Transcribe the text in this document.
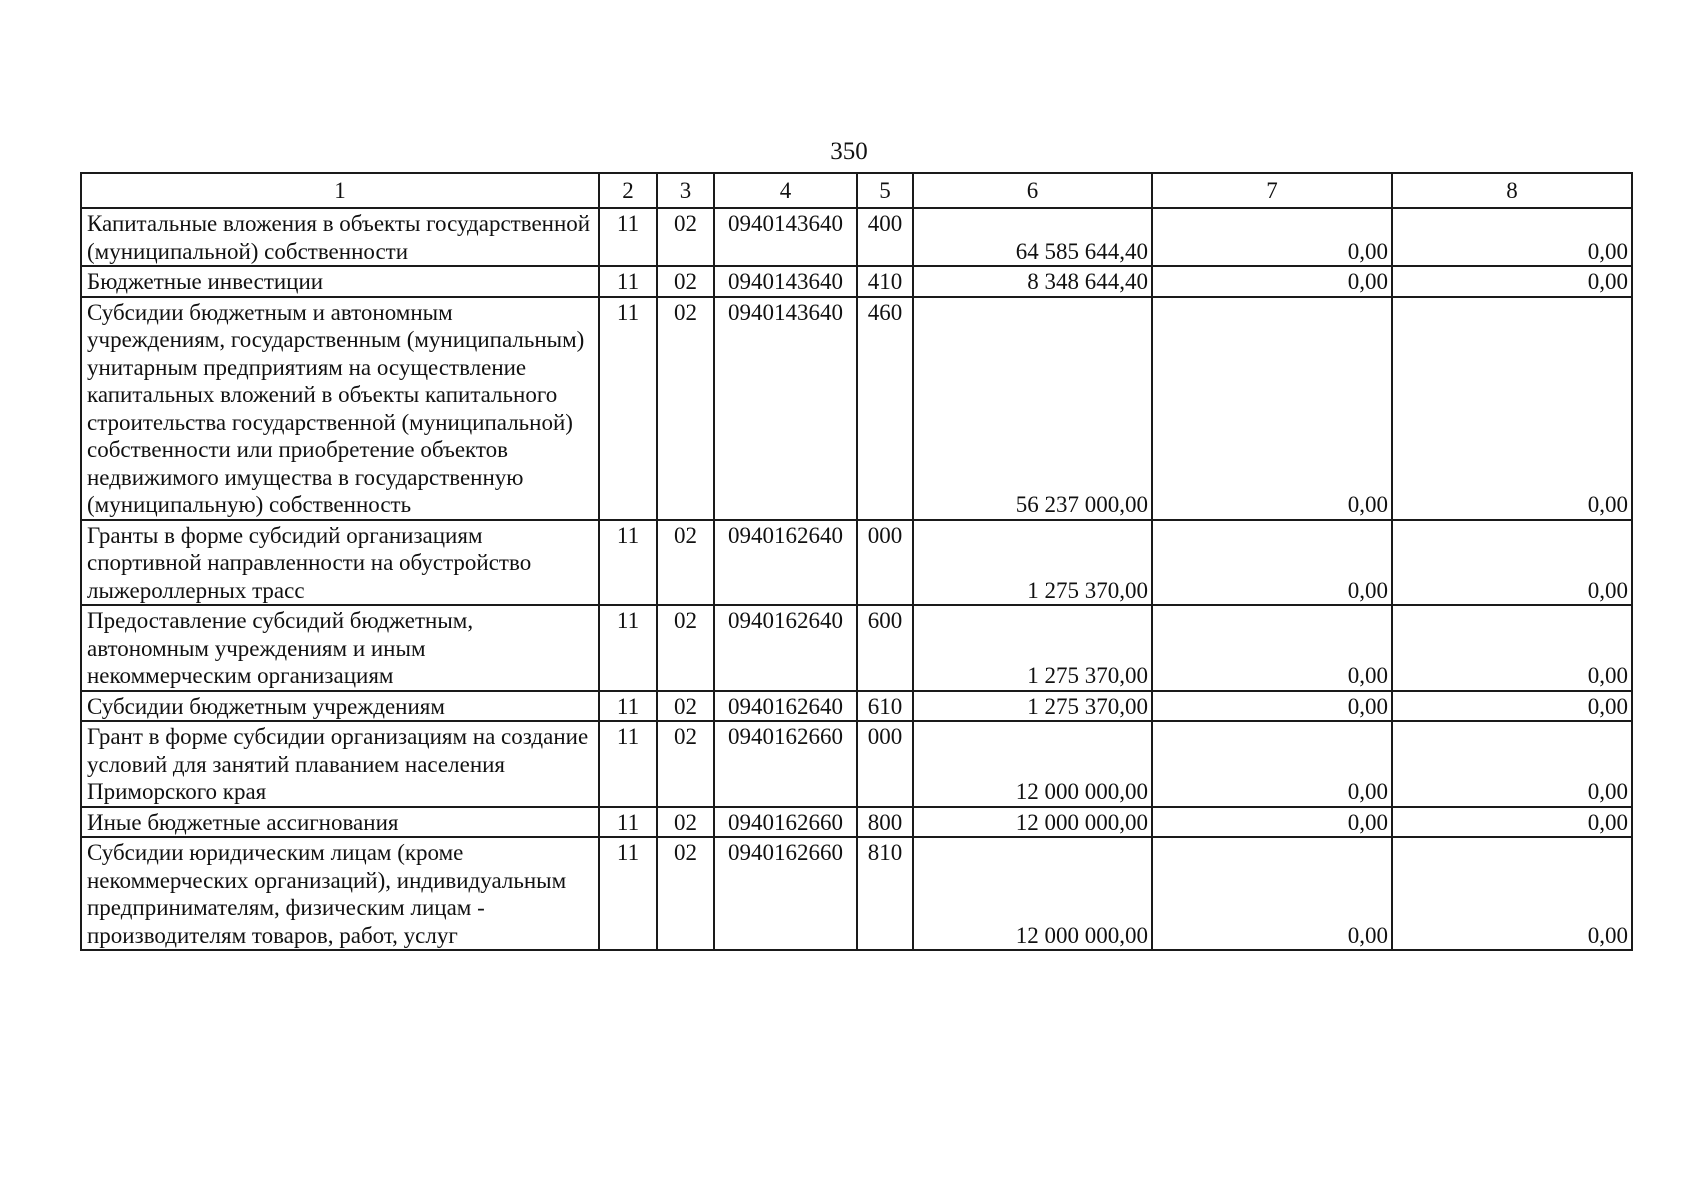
350
1	2	3	4	5	6	7	8
Капитальные вложения в объекты государственной (муниципальной) собственности	11	02	0940143640	400	64 585 644,40	0,00	0,00
Бюджетные инвестиции	11	02	0940143640	410	8 348 644,40	0,00	0,00
Субсидии бюджетным и автономным учреждениям, государственным (муниципальным) унитарным предприятиям на осуществление капитальных вложений в объекты капитального строительства государственной (муниципальной) собственности или приобретение объектов недвижимого имущества в государственную (муниципальную) собственность	11	02	0940143640	460	56 237 000,00	0,00	0,00
Гранты в форме субсидий организациям спортивной направленности на обустройство лыжероллерных трасс	11	02	0940162640	000	1 275 370,00	0,00	0,00
Предоставление субсидий бюджетным, автономным учреждениям и иным некоммерческим организациям	11	02	0940162640	600	1 275 370,00	0,00	0,00
Субсидии бюджетным учреждениям	11	02	0940162640	610	1 275 370,00	0,00	0,00
Грант в форме субсидии организациям на создание условий для занятий плаванием населения Приморского края	11	02	0940162660	000	12 000 000,00	0,00	0,00
Иные бюджетные ассигнования	11	02	0940162660	800	12 000 000,00	0,00	0,00
Субсидии юридическим лицам (кроме некоммерческих организаций), индивидуальным предпринимателям, физическим лицам - производителям товаров, работ, услуг	11	02	0940162660	810	12 000 000,00	0,00	0,00
